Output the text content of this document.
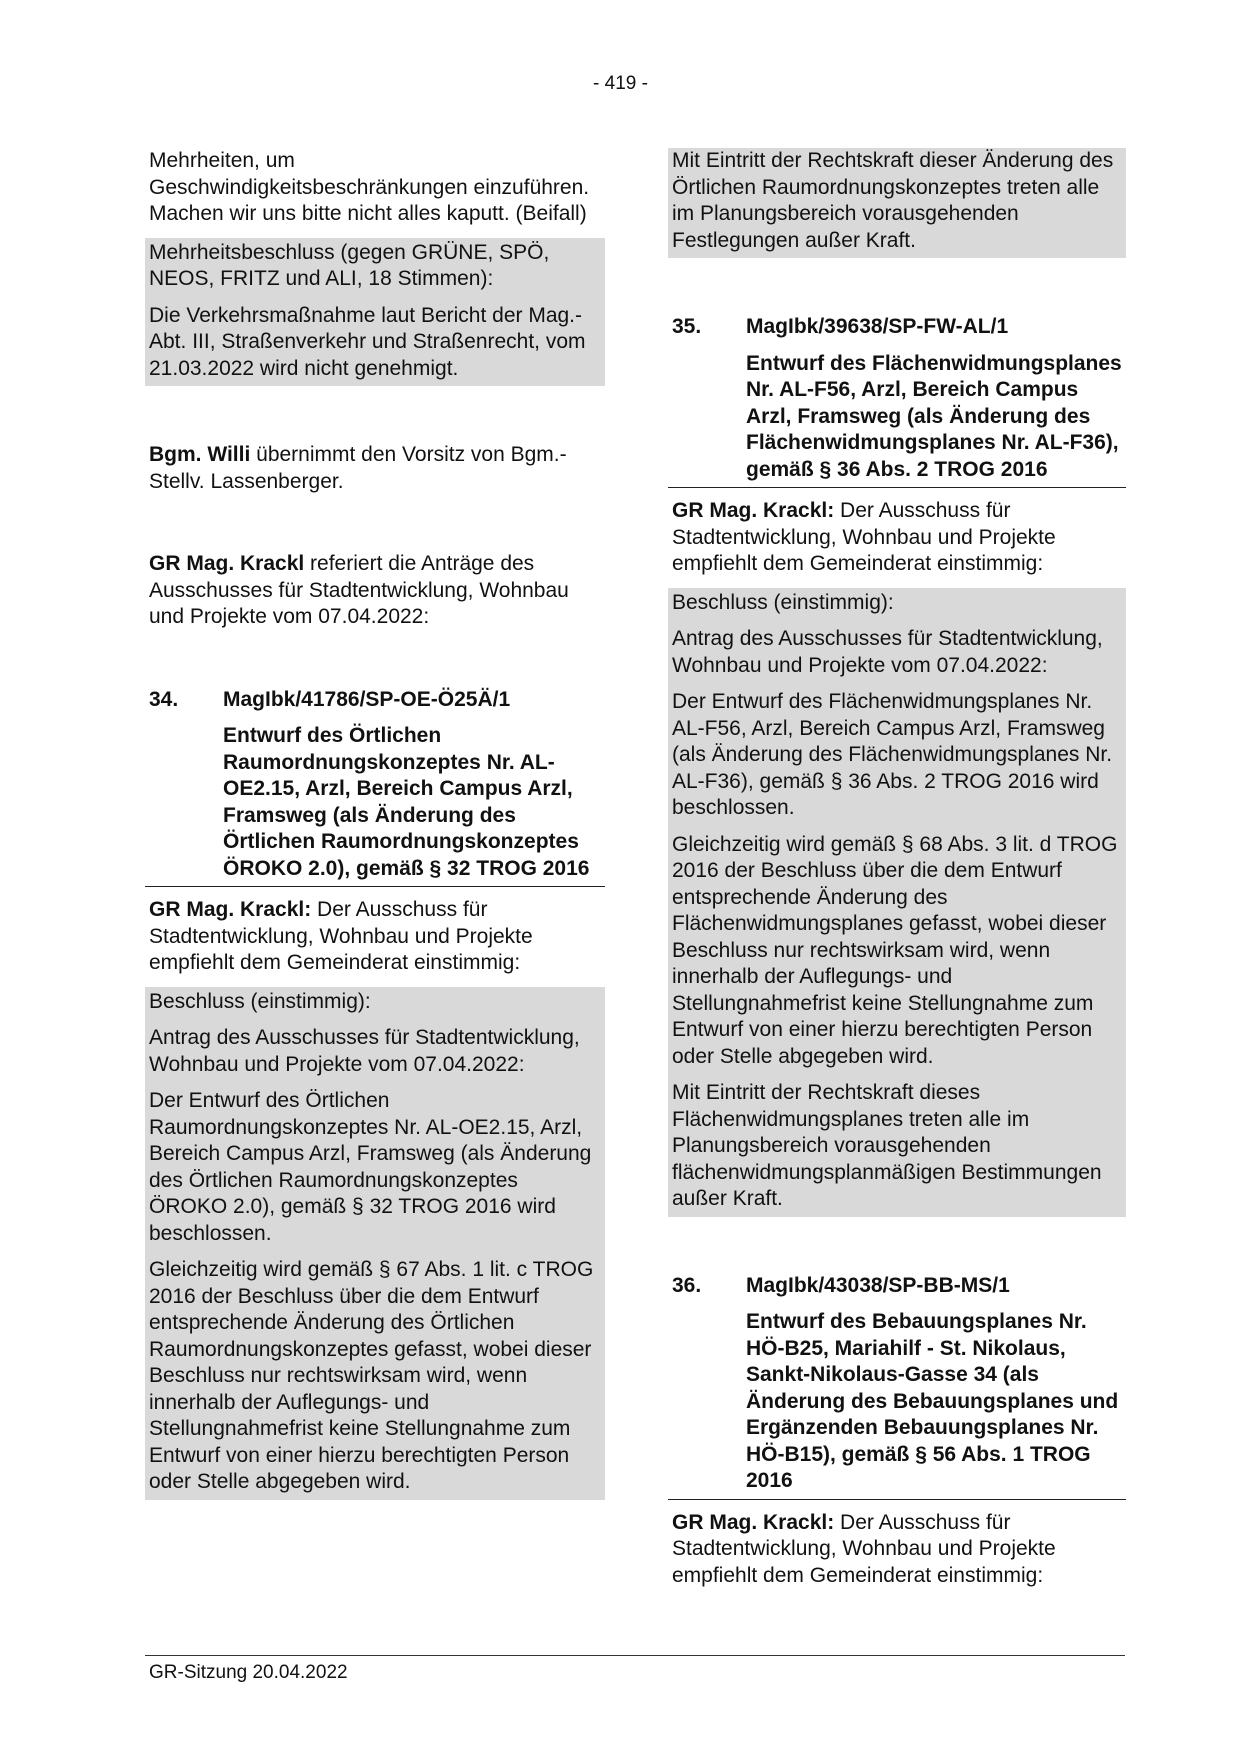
- 419 -

Mehrheiten, um Geschwindigkeitsbeschränkungen einzuführen. Machen wir uns bitte nicht alles kaputt. (Beifall)

Mehrheitsbeschluss (gegen GRÜNE, SPÖ, NEOS, FRITZ und ALI, 18 Stimmen):

Die Verkehrsmaßnahme laut Bericht der Mag.-Abt. III, Straßenverkehr und Straßenrecht, vom 21.03.2022 wird nicht genehmigt.

Bgm. Willi übernimmt den Vorsitz von Bgm.-Stellv. Lassenberger.

GR Mag. Krackl referiert die Anträge des Ausschusses für Stadtentwicklung, Wohnbau und Projekte vom 07.04.2022:

34.	MagIbk/41786/SP-OE-Ö25Ä/1

Entwurf des Örtlichen Raumordnungskonzeptes Nr. AL-OE2.15, Arzl, Bereich Campus Arzl, Framsweg (als Änderung des Örtlichen Raumordnungskonzeptes ÖROKO 2.0), gemäß § 32 TROG 2016

GR Mag. Krackl: Der Ausschuss für Stadtentwicklung, Wohnbau und Projekte empfiehlt dem Gemeinderat einstimmig:

Beschluss (einstimmig):

Antrag des Ausschusses für Stadtentwicklung, Wohnbau und Projekte vom 07.04.2022:

Der Entwurf des Örtlichen Raumordnungskonzeptes Nr. AL-OE2.15, Arzl, Bereich Campus Arzl, Framsweg (als Änderung des Örtlichen Raumordnungskonzeptes ÖROKO 2.0), gemäß § 32 TROG 2016 wird beschlossen.

Gleichzeitig wird gemäß § 67 Abs. 1 lit. c TROG 2016 der Beschluss über die dem Entwurf entsprechende Änderung des Örtlichen Raumordnungskonzeptes gefasst, wobei dieser Beschluss nur rechtswirksam wird, wenn innerhalb der Auflegungs- und Stellungnahmefrist keine Stellungnahme zum Entwurf von einer hierzu berechtigten Person oder Stelle abgegeben wird.

Mit Eintritt der Rechtskraft dieser Änderung des Örtlichen Raumordnungskonzeptes treten alle im Planungsbereich vorausgehenden Festlegungen außer Kraft.

35.	MagIbk/39638/SP-FW-AL/1

Entwurf des Flächenwidmungsplanes Nr. AL-F56, Arzl, Bereich Campus Arzl, Framsweg (als Änderung des Flächenwidmungsplanes Nr. AL-F36), gemäß § 36 Abs. 2 TROG 2016

GR Mag. Krackl: Der Ausschuss für Stadtentwicklung, Wohnbau und Projekte empfiehlt dem Gemeinderat einstimmig:

Beschluss (einstimmig):

Antrag des Ausschusses für Stadtentwicklung, Wohnbau und Projekte vom 07.04.2022:

Der Entwurf des Flächenwidmungsplanes Nr. AL-F56, Arzl, Bereich Campus Arzl, Framsweg (als Änderung des Flächenwidmungsplanes Nr. AL-F36), gemäß § 36 Abs. 2 TROG 2016 wird beschlossen.

Gleichzeitig wird gemäß § 68 Abs. 3 lit. d TROG 2016 der Beschluss über die dem Entwurf entsprechende Änderung des Flächenwidmungsplanes gefasst, wobei dieser Beschluss nur rechtswirksam wird, wenn innerhalb der Auflegungs- und Stellungnahmefrist keine Stellungnahme zum Entwurf von einer hierzu berechtigten Person oder Stelle abgegeben wird.

Mit Eintritt der Rechtskraft dieses Flächenwidmungsplanes treten alle im Planungsbereich vorausgehenden flächenwidmungsplanmäßigen Bestimmungen außer Kraft.

36.	MagIbk/43038/SP-BB-MS/1

Entwurf des Bebauungsplanes Nr. HÖ-B25, Mariahilf - St. Nikolaus, Sankt-Nikolaus-Gasse 34 (als Änderung des Bebauungsplanes und Ergänzenden Bebauungsplanes Nr. HÖ-B15), gemäß § 56 Abs. 1 TROG 2016

GR Mag. Krackl: Der Ausschuss für Stadtentwicklung, Wohnbau und Projekte empfiehlt dem Gemeinderat einstimmig:

GR-Sitzung 20.04.2022
